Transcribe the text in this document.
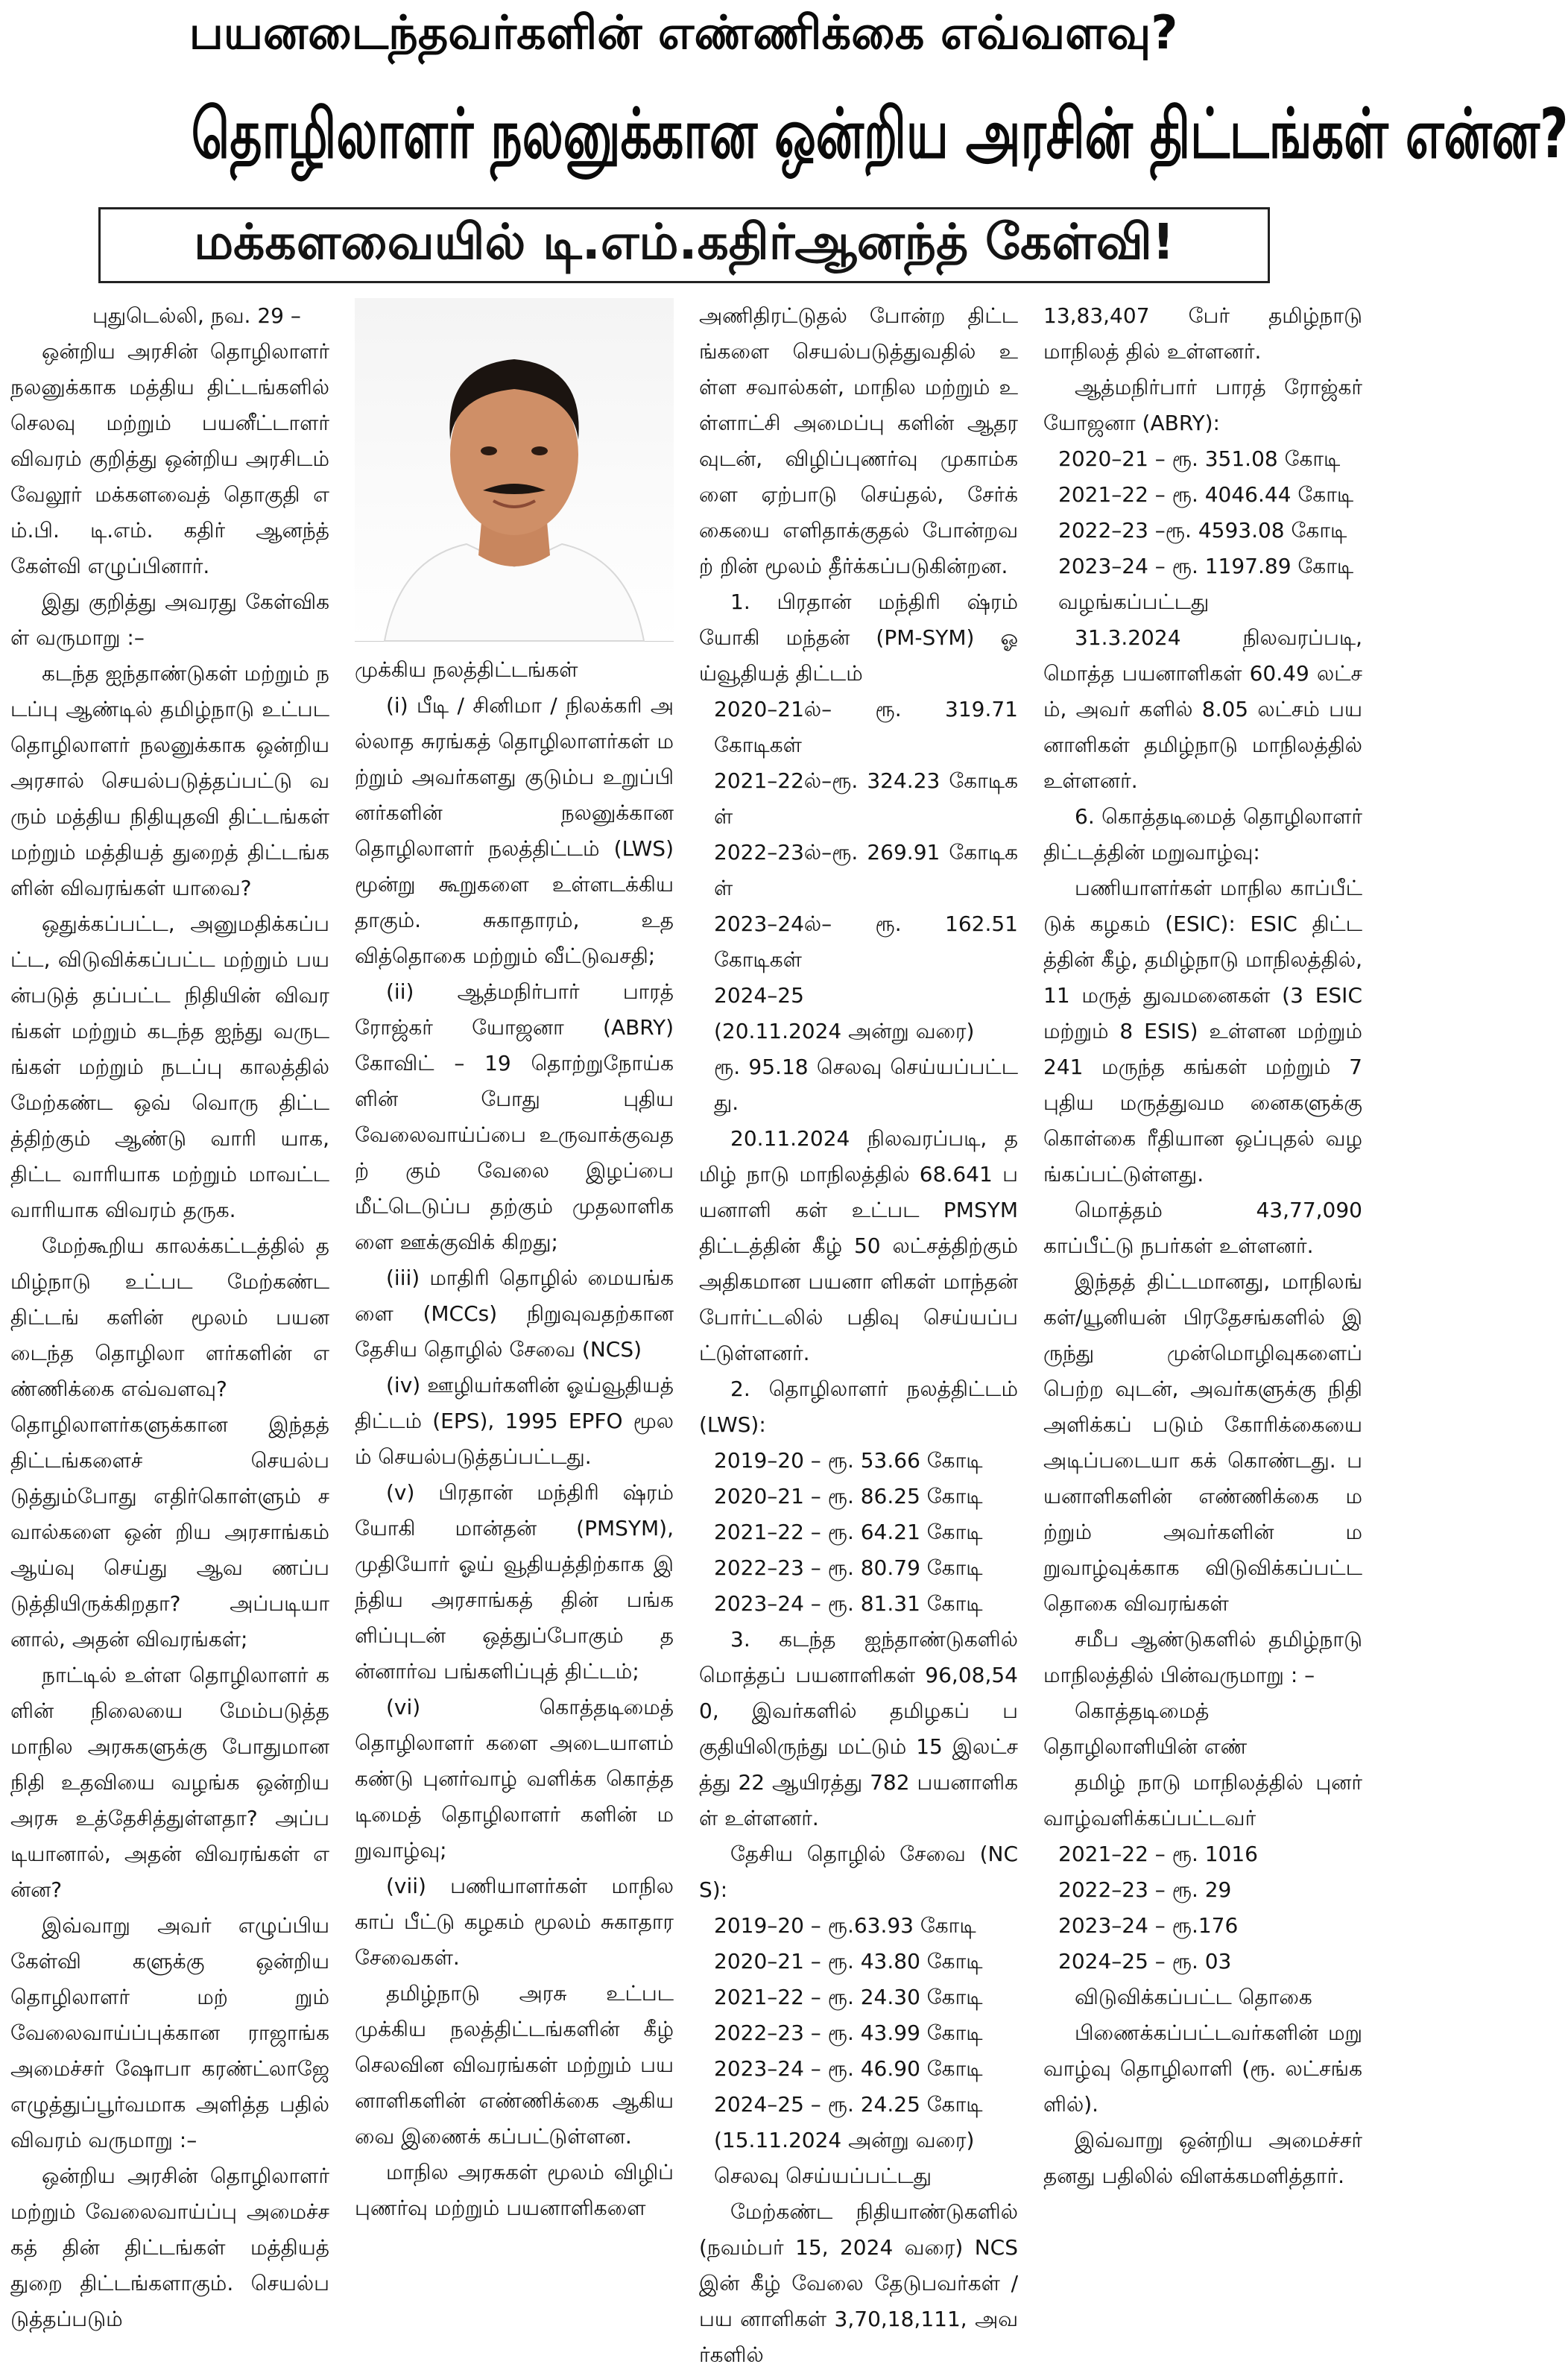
பயனடைந்தவர்களின் எண்ணிக்கை எவ்வளவு?
தொழிலாளர் நலனுக்கான ஒன்றிய அரசின் திட்டங்கள் என்ன?
மக்களவையில் டி.எம்.கதிர்ஆனந்த் கேள்வி!

புதுடெல்லி, நவ. 29 –

ஒன்றிய அரசின் தொழிலாளர் நலனுக்காக மத்திய திட்டங்களில் செலவு மற்றும் பயனீட்டாளர் விவரம் குறித்து ஒன்றிய அரசிடம் வேலூர் மக்களவைத் தொகுதி எம்.பி. டி.எம். கதிர் ஆனந்த் கேள்வி எழுப்பினார்.

இது குறித்து அவரது கேள்விகள் வருமாறு :–

கடந்த ஐந்தாண்டுகள் மற்றும் நடப்பு ஆண்டில் தமிழ்நாடு உட்பட தொழிலாளர் நலனுக்காக ஒன்றிய அரசால் செயல்படுத்தப்பட்டு வரும் மத்திய நிதியுதவி திட்டங்கள் மற்றும் மத்தியத் துறைத் திட்டங்களின் விவரங்கள் யாவை?

ஒதுக்கப்பட்ட, அனுமதிக்கப்பட்ட, விடுவிக்கப்பட்ட மற்றும் பயன்படுத் தப்பட்ட நிதியின் விவரங்கள் மற்றும் கடந்த ஐந்து வருடங்கள் மற்றும் நடப்பு காலத்தில் மேற்கண்ட ஒவ் வொரு திட்டத்திற்கும் ஆண்டு வாரி யாக, திட்ட வாரியாக மற்றும் மாவட்ட வாரியாக விவரம் தருக.

மேற்கூறிய காலக்கட்டத்தில் தமிழ்நாடு உட்பட மேற்கண்ட திட்டங் களின் மூலம் பயனடைந்த தொழிலா ளர்களின் எண்ணிக்கை எவ்வளவு?

தொழிலாளர்களுக்கான இந்தத் திட்டங்களைச் செயல்படுத்தும்போது எதிர்கொள்ளும் சவால்களை ஒன் றிய அரசாங்கம் ஆய்வு செய்து ஆவ ணப்படுத்தியிருக்கிறதா? அப்படியா னால், அதன் விவரங்கள்;

நாட்டில் உள்ள தொழிலாளர் களின் நிலையை மேம்படுத்த மாநில அரசுகளுக்கு போதுமான நிதி உதவியை வழங்க ஒன்றிய அரசு உத்தேசித்துள்ளதா? அப்படியானால், அதன் விவரங்கள் என்ன?

இவ்வாறு அவர் எழுப்பிய கேள்வி களுக்கு ஒன்றிய தொழிலாளர் மற் றும் வேலைவாய்ப்புக்கான ராஜாங்க அமைச்சர் ஷோபா கரண்ட்லாஜே எழுத்துப்பூர்வமாக அளித்த பதில் விவரம் வருமாறு :–

ஒன்றிய அரசின் தொழிலாளர் மற்றும் வேலைவாய்ப்பு அமைச்சகத் தின் திட்டங்கள் மத்தியத் துறை திட்டங்களாகும். செயல்படுத்தப்படும்

முக்கிய நலத்திட்டங்கள்

(i) பீடி / சினிமா / நிலக்கரி அல்லாத சுரங்கத் தொழிலாளர்கள் மற்றும் அவர்களது குடும்ப உறுப்பி னர்களின் நலனுக்கான தொழிலாளர் நலத்திட்டம் (LWS) மூன்று கூறுகளை உள்ளடக்கியதாகும். சுகாதாரம், உதவித்தொகை மற்றும் வீட்டுவசதி;

(ii) ஆத்மநிர்பார் பாரத் ரோஜ்கர் யோஜனா (ABRY) கோவிட் – 19 தொற்றுநோய்களின் போது புதிய வேலைவாய்ப்பை உருவாக்குவதற் கும் வேலை இழப்பை மீட்டெடுப்ப தற்கும் முதலாளிகளை ஊக்குவிக் கிறது;

(iii) மாதிரி தொழில் மையங்களை (MCCs) நிறுவுவதற்கான தேசிய தொழில் சேவை (NCS)

(iv) ஊழியர்களின் ஓய்வூதியத் திட்டம் (EPS), 1995 EPFO மூலம் செயல்படுத்தப்பட்டது.

(v) பிரதான் மந்திரி ஷ்ரம் யோகி மான்தன் (PMSYM), முதியோர் ஓய் வூதியத்திற்காக இந்திய அரசாங்கத் தின் பங்களிப்புடன் ஒத்துப்போகும் தன்னார்வ பங்களிப்புத் திட்டம்;

(vi) கொத்தடிமைத் தொழிலாளர் களை அடையாளம் கண்டு புனர்வாழ் வளிக்க கொத்தடிமைத் தொழிலாளர் களின் மறுவாழ்வு;

(vii) பணியாளர்கள் மாநில காப் பீட்டு கழகம் மூலம் சுகாதார சேவைகள்.

தமிழ்நாடு அரசு உட்பட முக்கிய நலத்திட்டங்களின் கீழ் செலவின விவரங்கள் மற்றும் பயனாளிகளின் எண்ணிக்கை ஆகியவை இணைக் கப்பட்டுள்ளன.

மாநில அரசுகள் மூலம் விழிப் புணர்வு மற்றும் பயனாளிகளை

அணிதிரட்டுதல் போன்ற திட்டங்களை செயல்படுத்துவதில் உள்ள சவால்கள், மாநில மற்றும் உள்ளாட்சி அமைப்பு களின் ஆதரவுடன், விழிப்புணர்வு முகாம்களை ஏற்பாடு செய்தல், சேர்க் கையை எளிதாக்குதல் போன்றவற் றின் மூலம் தீர்க்கப்படுகின்றன.

1. பிரதான் மந்திரி ஷ்ரம் யோகி மந்தன் (PM-SYM) ஓய்வூதியத் திட்டம்

2020–21ல்– ரூ. 319.71 கோடிகள்

2021–22ல்–ரூ. 324.23 கோடிகள்

2022–23ல்–ரூ. 269.91 கோடிகள்

2023–24ல்– ரூ. 162.51 கோடிகள்

2024–25

(20.11.2024 அன்று வரை)

ரூ. 95.18 செலவு செய்யப்பட்டது.

20.11.2024 நிலவரப்படி, தமிழ் நாடு மாநிலத்தில் 68.641 பயனாளி கள் உட்பட PMSYM திட்டத்தின் கீழ் 50 லட்சத்திற்கும் அதிகமான பயனா ளிகள் மாந்தன் போர்ட்டலில் பதிவு செய்யப்பட்டுள்ளனர்.

2. தொழிலாளர் நலத்திட்டம் (LWS):

2019–20 – ரூ. 53.66 கோடி

2020–21 – ரூ. 86.25 கோடி

2021–22 – ரூ. 64.21 கோடி

2022–23 – ரூ. 80.79 கோடி

2023–24 – ரூ. 81.31 கோடி

3. கடந்த ஐந்தாண்டுகளில் மொத்தப் பயனாளிகள் 96,08,540, இவர்களில் தமிழகப் பகுதியிலிருந்து மட்டும் 15 இலட்சத்து 22 ஆயிரத்து 782 பயனாளிகள் உள்ளனர்.

தேசிய தொழில் சேவை (NCS):

2019–20 – ரூ.63.93 கோடி

2020–21 – ரூ. 43.80 கோடி

2021–22 – ரூ. 24.30 கோடி

2022–23 – ரூ. 43.99 கோடி

2023–24 – ரூ. 46.90 கோடி

2024–25 – ரூ. 24.25 கோடி

(15.11.2024 அன்று வரை)

செலவு செய்யப்பட்டது

மேற்கண்ட நிதியாண்டுகளில் (நவம்பர் 15, 2024 வரை) NCS இன் கீழ் வேலை தேடுபவர்கள் / பய னாளிகள் 3,70,18,111, அவர்களில்

13,83,407 பேர் தமிழ்நாடு மாநிலத் தில் உள்ளனர்.

ஆத்மநிர்பார் பாரத் ரோஜ்கர் யோஜனா (ABRY):

2020–21 – ரூ. 351.08 கோடி

2021–22 – ரூ. 4046.44 கோடி

2022–23 –ரூ. 4593.08 கோடி

2023–24 – ரூ. 1197.89 கோடி

வழங்கப்பட்டது

31.3.2024 நிலவரப்படி, மொத்த பயனாளிகள் 60.49 லட்சம், அவர் களில் 8.05 லட்சம் பயனாளிகள் தமிழ்நாடு மாநிலத்தில் உள்ளனர்.

6. கொத்தடிமைத் தொழிலாளர் திட்டத்தின் மறுவாழ்வு:

பணியாளர்கள் மாநில காப்பீட் டுக் கழகம் (ESIC): ESIC திட்டத்தின் கீழ், தமிழ்நாடு மாநிலத்தில், 11 மருத் துவமனைகள் (3 ESIC மற்றும் 8 ESIS) உள்ளன மற்றும் 241 மருந்த கங்கள் மற்றும் 7 புதிய மருத்துவம னைகளுக்கு கொள்கை ரீதியான ஒப்புதல் வழங்கப்பட்டுள்ளது.

மொத்தம் 43,77,090 காப்பீட்டு நபர்கள் உள்ளனர்.

இந்தத் திட்டமானது, மாநிலங் கள்/யூனியன் பிரதேசங்களில் இருந்து முன்மொழிவுகளைப் பெற்ற வுடன், அவர்களுக்கு நிதி அளிக்கப் படும் கோரிக்கையை அடிப்படையா கக் கொண்டது. பயனாளிகளின் எண்ணிக்கை மற்றும் அவர்களின் மறுவாழ்வுக்காக விடுவிக்கப்பட்ட தொகை விவரங்கள்

சமீப ஆண்டுகளில் தமிழ்நாடு மாநிலத்தில் பின்வருமாறு : –

கொத்தடிமைத் தொழிலாளியின் எண்

தமிழ் நாடு மாநிலத்தில் புனர் வாழ்வளிக்கப்பட்டவர்

2021–22 – ரூ. 1016

2022–23 – ரூ. 29

2023–24 – ரூ.176

2024–25 – ரூ. 03

விடுவிக்கப்பட்ட தொகை

பிணைக்கப்பட்டவர்களின் மறு வாழ்வு தொழிலாளி (ரூ. லட்சங்களில்).

இவ்வாறு ஒன்றிய அமைச்சர் தனது பதிலில் விளக்கமளித்தார்.
